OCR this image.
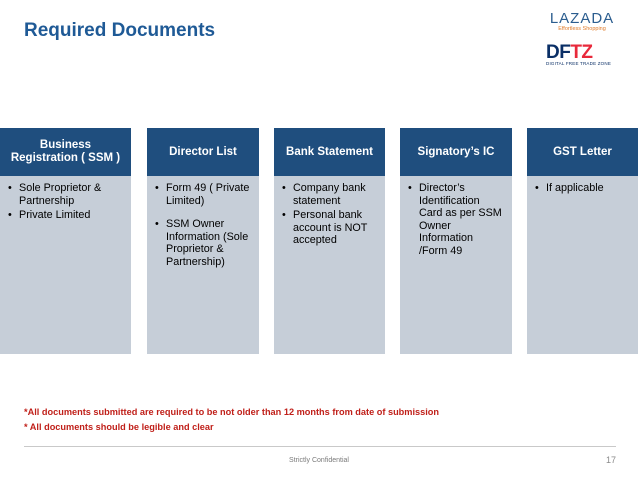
Required Documents
LAZADA
Effortless Shopping
DFTZ
DIGITAL FREE TRADE ZONE
Business Registration ( SSM )
• Sole Proprietor & Partnership
• Private Limited
Director List
• Form 49 ( Private Limited)
• SSM Owner Information (Sole Proprietor & Partnership)
Bank Statement
• Company bank statement
• Personal bank account is NOT accepted
Signatory’s IC
• Director’s Identification Card as per SSM Owner Information /Form 49
GST Letter
• If applicable
*All documents submitted are required to be not older than 12 months from date of submission
* All documents should be legible and clear
Strictly Confidential	17
